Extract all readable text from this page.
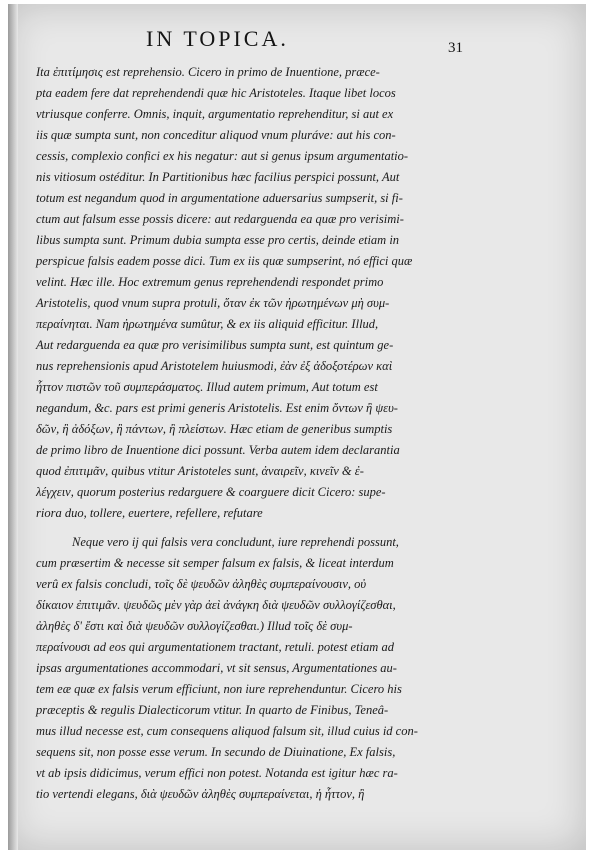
IN TOPICA.	31
Ita ἐπιτίμησις est reprehensio. Cicero in primo de Inuentione, præce-
pta eadem fere dat reprehendendi quæ hic Aristoteles. Itaque libet locos
vtriusque conferre. Omnis, inquit, argumentatio reprehenditur, si aut ex
iis quæ sumpta sunt, non conceditur aliquod vnum pluráve: aut his con-
cessis, complexio confici ex his negatur: aut si genus ipsum argumentatio-
nis vitiosum ostéditur. In Partitionibus hæc facilius perspici possunt, Aut
totum est negandum quod in argumentatione aduersarius sumpserit, si fi-
ctum aut falsum esse possis dicere: aut redarguenda ea quæ pro verisimi-
libus sumpta sunt. Primum dubia sumpta esse pro certis, deinde etiam in
perspicue falsis eadem posse dici. Tum ex iis quæ sumpserint, nó effici quæ
velint. Hæc ille. Hoc extremum genus reprehendendi respondet primo
Aristotelis, quod vnum supra protuli, ὅταν ἐκ τῶν ἠρωτημένων μὴ συμ-
περαίνηται. Nam ἠρωτημένα sumûtur, & ex iis aliquid efficitur. Illud,
Aut redarguenda ea quæ pro verisimilibus sumpta sunt, est quintum ge-
nus reprehensionis apud Aristotelem huiusmodi, ἐὰν ἐξ ἀδοξοτέρων καὶ
ἧττον πιστῶν τοῦ συμπεράσματος. Illud autem primum, Aut totum est
negandum, &c. pars est primi generis Aristotelis. Est enim ὄντων ἢ ψευ-
δῶν, ἢ ἀδόξων, ἢ πάντων, ἢ πλείστων. Hæc etiam de generibus sumptis
de primo libro de Inuentione dici possunt. Verba autem idem declarantia
quod ἐπιτιμᾶν, quibus vtitur Aristoteles sunt, ἀναιρεῖν, κινεῖν & ἐ-
λέγχειν, quorum posterius redarguere & coarguere dicit Cicero: supe-
riora duo, tollere, euertere, refellere, refutare
Neque vero ij qui falsis vera concludunt, iure reprehendi possunt,
cum præsertim & necesse sit semper falsum ex falsis, & liceat interdum
verû ex falsis concludi, τοῖς δὲ ψευδῶν ἀληθὲς συμπεραίνουσιν, οὐ
δίκαιον ἐπιτιμᾶν. ψευδῶς μὲν γὰρ ἀεὶ ἀνάγκη διὰ ψευδῶν συλλογίζεσθαι,
ἀληθὲς δ' ἔστι καὶ διὰ ψευδῶν συλλογίζεσθαι.) Illud τοῖς δὲ συμ-
περαίνουσι ad eos qui argumentationem tractant, retuli. potest etiam ad
ipsas argumentationes accommodari, vt sit sensus, Argumentationes au-
tem eæ quæ ex falsis verum efficiunt, non iure reprehenduntur. Cicero his
præceptis & regulis Dialecticorum vtitur. In quarto de Finibus, Teneâ-
mus illud necesse est, cum consequens aliquod falsum sit, illud cuius id con-
sequens sit, non posse esse verum. In secundo de Diuinatione, Ex falsis,
vt ab ipsis didicimus, verum effici non potest. Notanda est igitur hæc ra-
tio vertendi elegans, διὰ ψευδῶν ἀληθὲς συμπεραίνεται, ἡ ἧττον, ἢ
